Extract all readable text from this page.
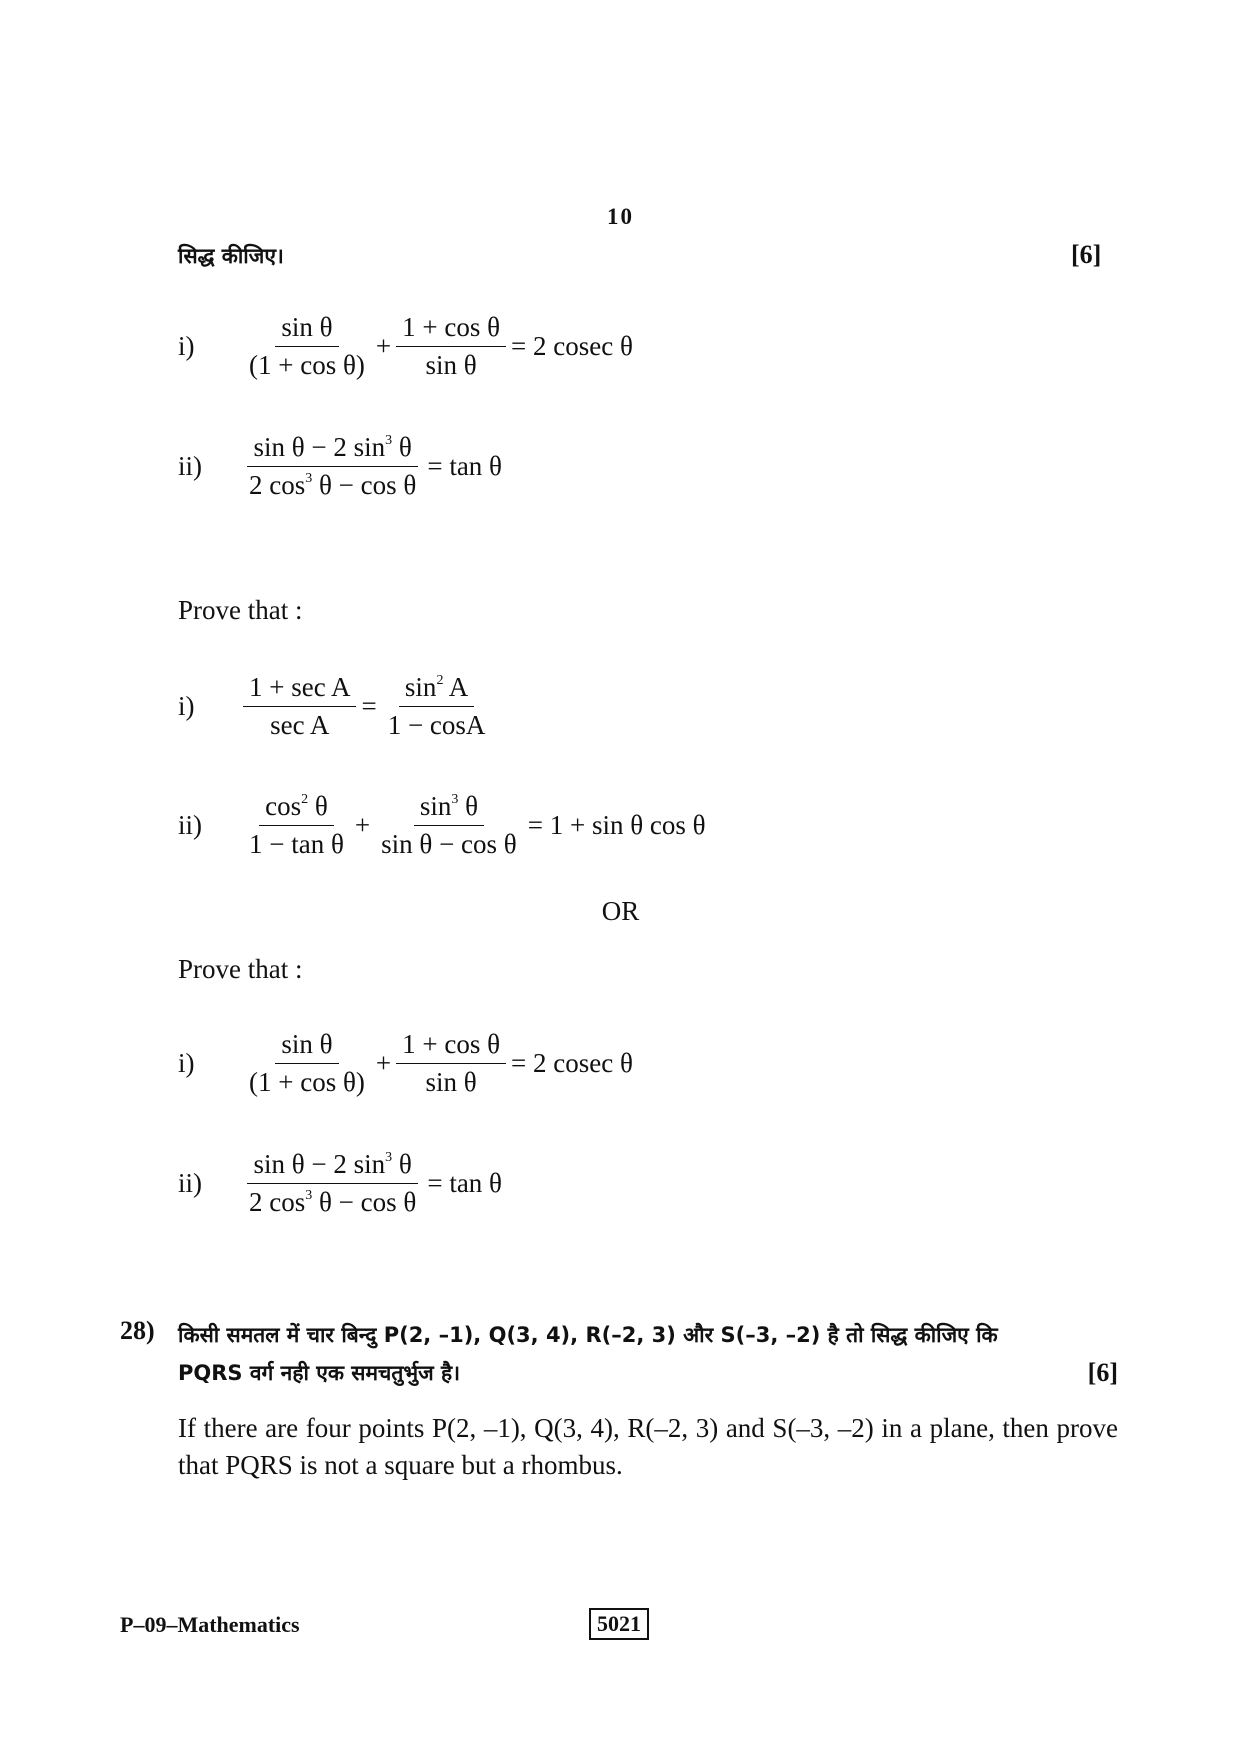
10
सिद्ध कीजिए।	[6]
i)	$\frac{\text{sin θ}}{\text{(1 + cos θ)}} + \frac{\text{1 + cos θ}}{\text{sin θ}} = 2$ cosec θ
ii)	$\frac{\sin \theta - 2 \sin^3 \theta}{2 \cos^3 \theta - \cos \theta} = \tan \theta$
Prove that :
i)	$\frac{\text{1 + sec A}}{\text{sec A}} = \frac{\sin^2 A}{1 - \cos A}$
ii)	$\frac{\cos^2 \theta}{\text{1 − tan θ}} + \frac{\sin^3 \theta}{\text{sin θ − cos θ}} = 1 + \sin \theta$ cos θ
OR
Prove that :
i)	$\frac{\text{sin θ}}{\text{(1 + cos θ)}} + \frac{\text{1 + cos θ}}{\text{sin θ}} = 2$ cosec θ
ii)	$\frac{\sin \theta - 2 \sin^3 \theta}{2 \cos^3 \theta - \cos \theta} = \tan \theta$
28) किसी समतल में चार बिन्दु P(2, –1), Q(3, 4), R(–2, 3) और S(–3, –2) है तो सिद्ध कीजिए कि
PQRS वर्ग नही एक समचतुर्भुज है।	[6]
If there are four points P(2, –1), Q(3, 4), R(–2, 3) and S(–3, –2) in a plane, then prove that PQRS is not a square but a rhombus.
P–09–Mathematics	5021
